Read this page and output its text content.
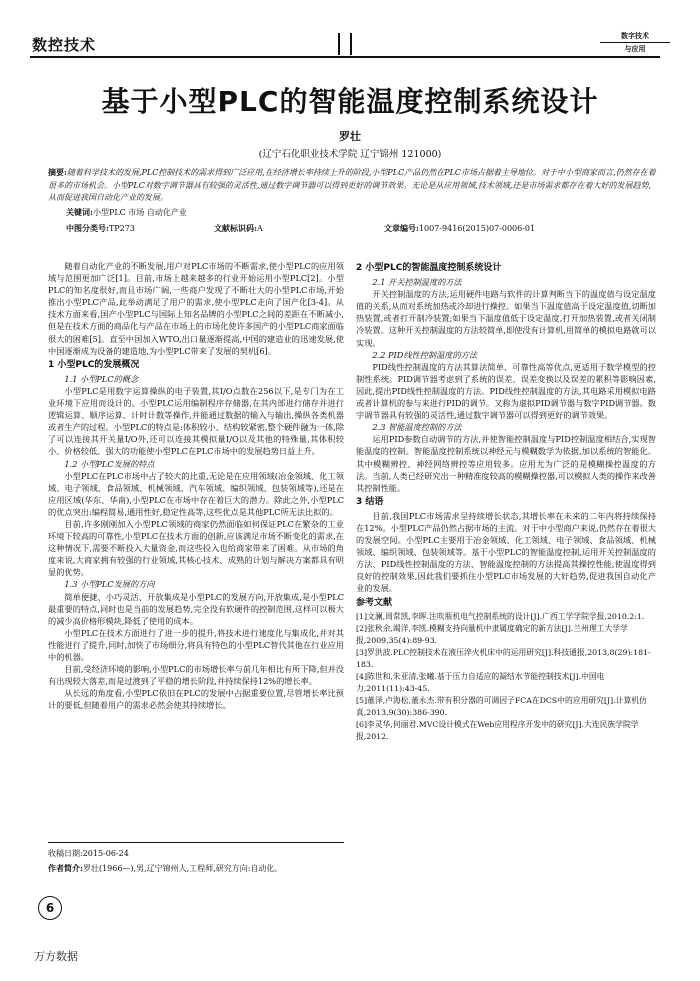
数控技术	数字技术
与应用
基于小型PLC的智能温度控制系统设计
罗壮
(辽宁石化职业技术学院 辽宁锦州 121000)
摘要:随着科学技术的发展,PLC控制技术的需求得到广泛应用,在经济增长率持续上升的阶段,小型PLC产品仍然在PLC市场占据着主导地位。对于中小型商家而言,仍然存在着很多的市场机会。小型PLC对数字调节器具有较强的灵活性,通过数字调节器可以得到更好的调节效果。无论是从应用领域,技术领域,还是市场需求都存在着大好的发展趋势,从而促进我国自动化产业的发展。
关键词:小型PLC 市场 自动化产业
中图分类号:TP273	文献标识码:A	文章编号:1007-9416(2015)07-0006-01

随着自动化产业的不断发展,用户对PLC市场的不断需求,使小型PLC的应用领域与范围更加广泛[1]。目前,市场上越来越多的行业开始运用小型PLC[2]。小型PLC的知名度很好,而且市场广阔,一些商户发现了不断壮大的小型PLC市场,开始推出小型PLC产品,此举动满足了用户的需求,使小型PLC走向了国产化[3-4]。从技术方面来看,国产小型PLC与国际上知名品牌的小型PLC之间的差距在不断减小,但是在技术方面的商品化与产品在市场上的市场化使许多国产的小型PLC商家面临很大的困难[5]。直至中国加入WTO,出口量逐渐提高,中国的建造业的迅速发展,使中国逐渐成为设备的建造地,为小型PLC带来了发展的契机[6]。

1 小型PLC的发展概况
1.1 小型PLC的概念

小型PLC是用数字运算操纵的电子装置,其I/O点数在256以下,是专门为在工业环境下应用而设计的。小型PLC运用编制程序存储器,在其内部进行储存并进行逻辑运算、顺序运算、计时计数等操作,并能通过数据的输入与输出,操纵各类机器或者生产的过程。小型PLC的特点是:体积较小、结构较紧密,整个硬件融为一体,除了可以连接其开关量I/O外,还可以连接其模拟量I/O以及其他的特殊量,其体积较小、价格较低、强大的功能使小型PLC在PLC市场中的发展趋势日益上升。

1.2 小型PLC发展的特点

小型PLC在PLC市场中占了较大的比重,无论是在应用领域(冶金领域、化工领域、电子领域、食品领域、机械领域、汽车领域、编织领域、包装领域等),还是在应用区域(华东、华南),小型PLC在市场中存在着巨大的潜力。除此之外,小型PLC的优点突出:编程简易,通用性好,稳定性高等,这些优点是其他PLC所无法比拟的。

目前,许多刚刚加入小型PLC领域的商家仍然面临如何保证PLC在繁杂的工业环境下较高的可靠性,小型PLC在技术方面的创新,应该满足市场不断变化的需求,在这种情况下,需要不断投入大量资金,而这些投入也给商家带来了困难。从市场的角度来说,大商家拥有较强的行业领域,其核心技术、成熟的计划与解决方案都具有明显的优势。

1.3 小型PLC发展的方向

简单便捷、小巧灵活、开放集成是小型PLC的发展方向,开放集成,是小型PLC最重要的特点,同时也是当前的发展趋势,完全没有软硬件的控制范围,这样可以极大的减少高价格形模块,降低了使用的成本。

小型PLC在技术方面进行了进一步的提升,将技术进行速度化与集成化,并对其性能进行了提升,同时,加快了市场细分,将具有特色的小型PLC替代其他在行业应用中的机器。

目前,受经济环境的影响,小型PLC的市场增长率与前几年相比有所下降,但并没有出现较大落差,而是过渡到了平稳的增长阶段,并持续保持12%的增长率。

从长远的角度看,小型PLC依旧在PLC的发展中占据重要位置,尽管增长率比预计的要低,但随着用户的需求必然会使其持续增长。

2 小型PLC的智能温度控制系统设计
2.1 开关控制温度的方法

开关控制温度的方法,运用硬件电路与软件的计算判断当下的温度值与设定温度值的关系,从而对系统加热或冷却进行操控。如果当下温度值高于设定温度值,切断加热装置,或者打开制冷装置;如果当下温度值低于设定温度,打开加热装置,或者关闭制冷装置。这种开关控制温度的方法较简单,即使没有计算机,用简单的模拟电路就可以实现。

2.2 PID线性控制温度的方法

PID线性控制温度的方法其算法简单、可靠性高等优点,更适用于数学模型的控制性系统。PID调节器考虑到了系统的误差、误差变换以及误差的累积等影响因素,因此,提出PID线性控制温度的方法。PID线性控制温度的方法,其电路采用模拟电路或者计算机的参与来进行PID的调节。又称为虚拟PID调节器与数字PID调节器。数字调节器具有较强的灵活性,通过数字调节器可以得到更好的调节效果。

2.3 智能温度控制的方法

运用PID参数自动调节的方法,并使智能控制温度与PID控制温度相结合,实现智能温度的控制。智能温度控制系统以神经元与模糊数学为依据,加以系统的智能化。其中模糊辨控、神经网络辨控等应用较多。应用尤为广泛的是模糊操控温度的方法。当前,人类已经研究出一种精准度较高的模糊操控器,可以模拟人类的操作来改善其控制性能。

3 结语

目前,我国PLC市场需求呈持续增长状态,其增长率在未来的二年内将持续保持在12%。小型PLC产品仍然占据市场的主流。对于中小型商户来说,仍然存在着很大的发展空间。小型PLC主要用于冶金领域、化工领域、电子领域、食品领域、机械领域、编织领域、包装领域等。基于小型PLC的智能温度控制,运用开关控制温度的方法、PID线性控制温度的方法、智能温度控制的方法提高其操控性能,使温度得到良好的控制效果,因此我们要抓住小型PLC市场发展的大好趋势,促进我国自动化产业的发展。

参考文献
[1]文澜,周常凯,李晖.注吹瓶机电气控制系统的设计[J].广西工学学院学报,2010.2:1.
[2]张秋余,竭洋,李凯.模糊支持向量机中隶属度确定的新方法[J].兰州理工大学学报,2009,35(4):89-93.
[3]罗洪波.PLC控制技术在液压淬火机床中的运用研究[J].科技通报,2013,8(29):181-183.
[4]陈世和,朱亚清,张曦.基于压力自适应的凝结水节能控制技术[J].中国电力,2011(11):43-45.
[5]董泽,卢海松,董永杰.带有积分器的可调因子FCA在DCS中的应用研究[J].计算机仿真,2013,9(30):386-390.
[6]李灵华,何丽君.MVC设计模式在Web应用程序开发中的研究[J].大连民族学院学报,2012.
收稿日期:2015-06-24
作者简介:罗壮(1966—),男,辽宁锦州人,工程师,研究方向:自动化。
6
万方数据
